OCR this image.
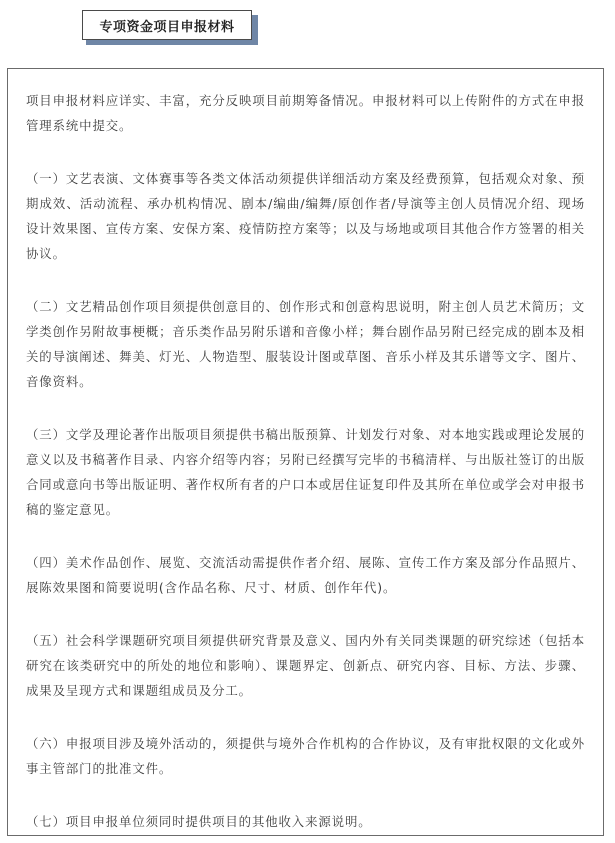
专项资金项目申报材料

项目申报材料应详实、丰富，充分反映项目前期筹备情况。申报材料可以上传附件的方式在申报管理系统中提交。

（一）文艺表演、文体赛事等各类文体活动须提供详细活动方案及经费预算，包括观众对象、预期成效、活动流程、承办机构情况、剧本/编曲/编舞/原创作者/导演等主创人员情况介绍、现场设计效果图、宣传方案、安保方案、疫情防控方案等；以及与场地或项目其他合作方签署的相关协议。

（二）文艺精品创作项目须提供创意目的、创作形式和创意构思说明，附主创人员艺术简历；文学类创作另附故事梗概；音乐类作品另附乐谱和音像小样；舞台剧作品另附已经完成的剧本及相关的导演阐述、舞美、灯光、人物造型、服装设计图或草图、音乐小样及其乐谱等文字、图片、音像资料。

（三）文学及理论著作出版项目须提供书稿出版预算、计划发行对象、对本地实践或理论发展的意义以及书稿著作目录、内容介绍等内容；另附已经撰写完毕的书稿清样、与出版社签订的出版合同或意向书等出版证明、著作权所有者的户口本或居住证复印件及其所在单位或学会对申报书稿的鉴定意见。

（四）美术作品创作、展览、交流活动需提供作者介绍、展陈、宣传工作方案及部分作品照片、展陈效果图和简要说明(含作品名称、尺寸、材质、创作年代)。

（五）社会科学课题研究项目须提供研究背景及意义、国内外有关同类课题的研究综述（包括本研究在该类研究中的所处的地位和影响）、课题界定、创新点、研究内容、目标、方法、步骤、成果及呈现方式和课题组成员及分工。

（六）申报项目涉及境外活动的，须提供与境外合作机构的合作协议，及有审批权限的文化或外事主管部门的批准文件。

（七）项目申报单位须同时提供项目的其他收入来源说明。
